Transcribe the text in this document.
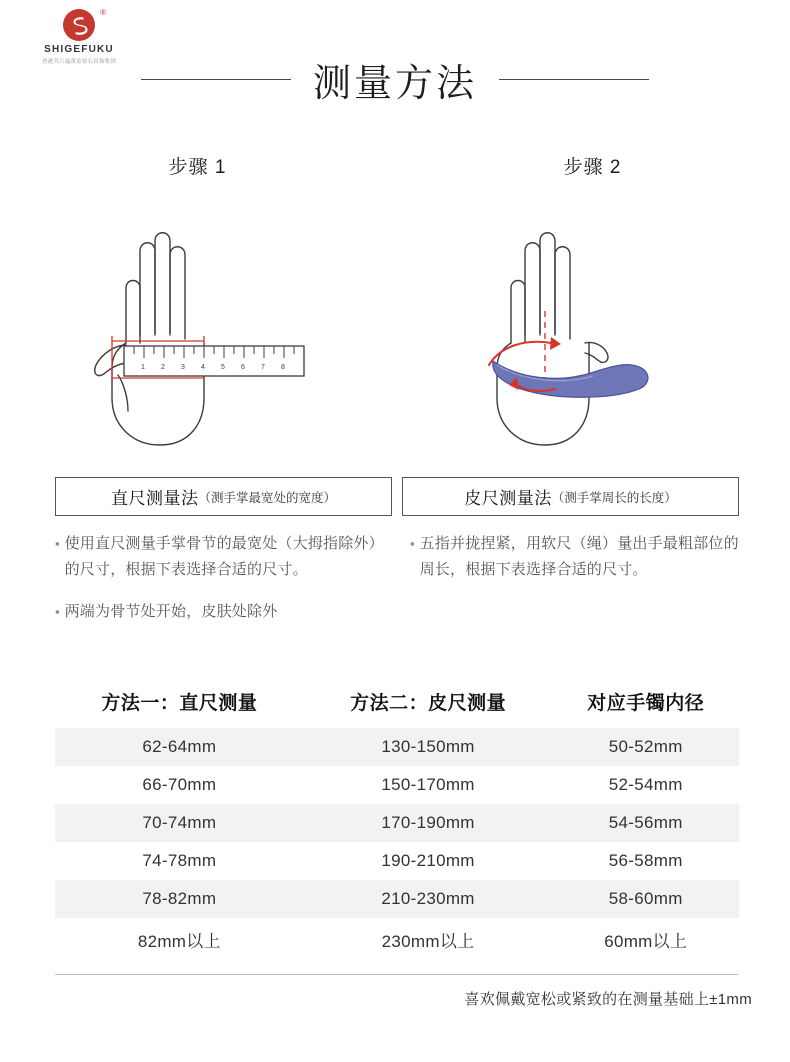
®
SHIGEFUKU
香港共六福黄金钻石首饰集团	测量方法
步骤 1
1 2 3 4 5 6 7 8
步骤 2
直尺测量法 （测手掌最宽处的宽度）	皮尺测量法 （测手掌周长的长度）
▪ 使用直尺测量手掌骨节的最宽处（大拇指除外）的尺寸，根据下表选择合适的尺寸。
▪ 两端为骨节处开始，皮肤处除外
▪ 五指并拢捏紧，用软尺（绳）量出手最粗部位的周长，根据下表选择合适的尺寸。
方法一：直尺测量	方法二：皮尺测量	对应手镯内径
62-64mm	130-150mm	50-52mm
66-70mm	150-170mm	52-54mm
70-74mm	170-190mm	54-56mm
74-78mm	190-210mm	56-58mm
78-82mm	210-230mm	58-60mm
82mm以上	230mm以上	60mm以上
喜欢佩戴宽松或紧致的在测量基础上±1mm
